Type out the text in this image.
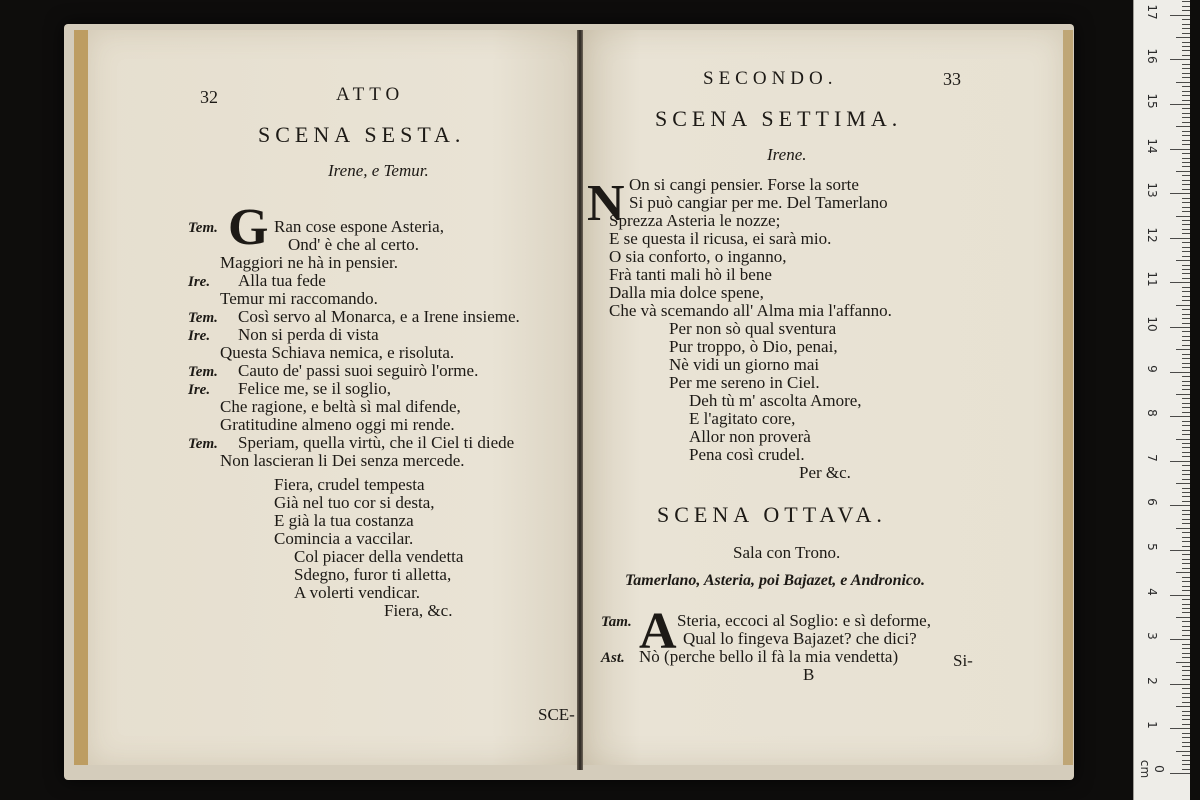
32	ATTO
SCENA SESTA.
Irene, e Temur.
Tem.	Ran cose espone Asteria,
Ond' è che al certo.
Maggiori ne hà in pensier.
Ire. Alla tua fede
Temur mi raccomando.
Tem. Così servo al Monarca, e a Irene insieme.
Ire. Non si perda di vista
Questa Schiava nemica, e risoluta.
Tem. Cauto de' passi suoi seguirò l'orme.
Ire. Felice me, se il soglio,
Che ragione, e beltà sì mal difende,
Gratitudine almeno oggi mi rende.
Tem. Speriam, quella virtù, che il Ciel ti diede
Non lascieran li Dei senza mercede.
G
Fiera, crudel tempesta
Già nel tuo cor si desta,
E già la tua costanza
Comincia a vaccilar.
Col piacer della vendetta
Sdegno, furor ti alletta,
A volerti vendicar.
Fiera, &c.
SCE-
SECONDO.	33
SCENA SETTIMA.
Irene.
N On si cangi pensier. Forse la sorte
Si può cangiar per me. Del Tamerlano
Sprezza Asteria le nozze;
E se questa il ricusa, ei sarà mio.
O sia conforto, o inganno,
Frà tanti mali hò il bene
Dalla mia dolce spene,
Che và scemando all' Alma mia l'affanno.
Per non sò qual sventura
Pur troppo, ò Dio, penai,
Nè vidi un giorno mai
Per me sereno in Ciel.
Deh tù m' ascolta Amore,
E l'agitato core,
Allor non proverà
Pena così crudel.
Per &c.
SCENA OTTAVA.
Sala con Trono.
Tamerlano, Asteria, poi Bajazet, e Andronico.
A
Tam.	Steria, eccoci al Soglio: e sì deforme,
Qual lo fingeva Bajazet? che dici?
Ast. Nò (perche bello il fà la mia vendetta)
B
Si-
0 cm
1
2
3
4
5
6
7
8
9
10
11
12
13
14
15
16
17
